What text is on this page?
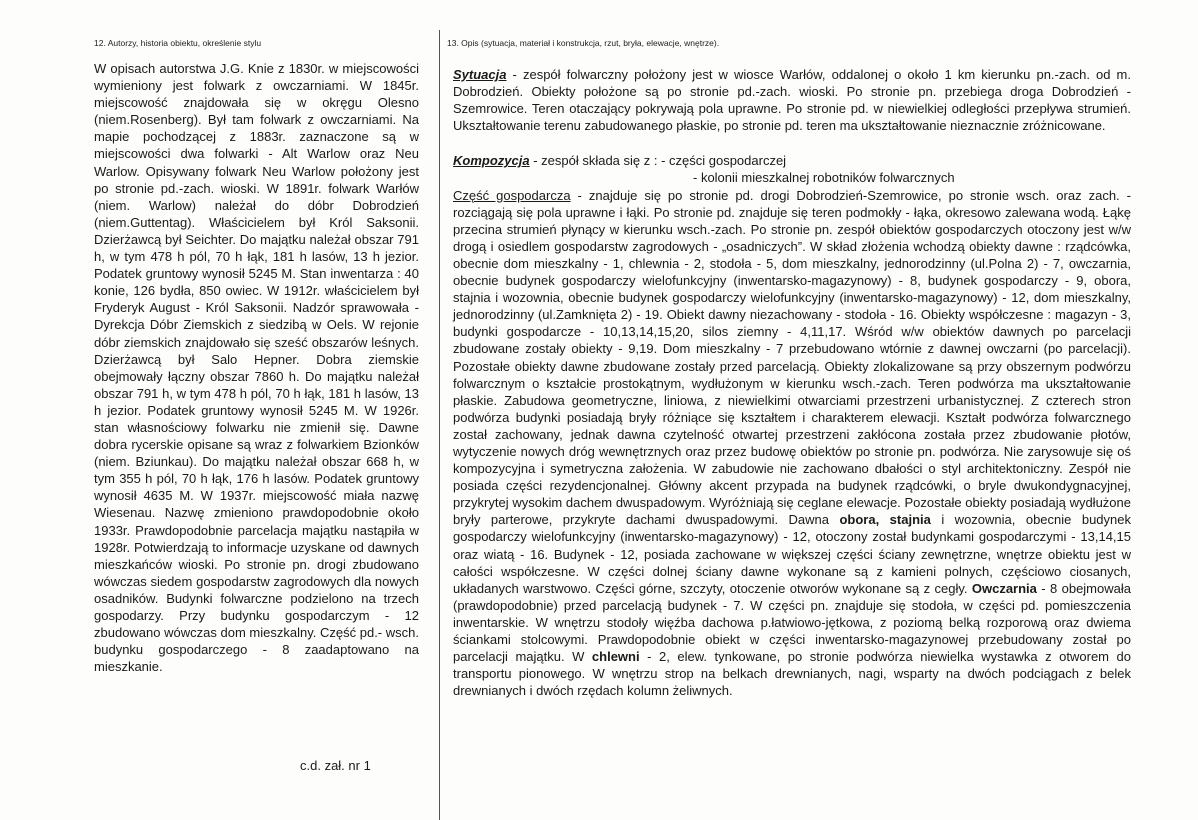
12. Autorzy, historia obiektu, określenie stylu	13. Opis (sytuacja, materiał i konstrukcja, rzut, bryła, elewacje, wnętrze).

W opisach autorstwa J.G. Knie z 1830r. w miejscowości wymieniony jest folwark z owczarniami. W 1845r. miejscowość znajdowała się w okręgu Olesno (niem.Rosenberg). Był tam folwark z owczarniami. Na mapie pochodzącej z 1883r. zaznaczone są w miejscowości dwa folwarki - Alt Warlow oraz Neu Warlow. Opisywany folwark Neu Warlow położony jest po stronie pd.-zach. wioski. W 1891r. folwark Warłów (niem. Warlow) należał do dóbr Dobrodzień (niem.Guttentag). Właścicielem był Król Saksonii. Dzierżawcą był Seichter. Do majątku należał obszar 791 h, w tym 478 h pól, 70 h łąk, 181 h lasów, 13 h jezior. Podatek gruntowy wynosił 5245 M. Stan inwentarza : 40 konie, 126 bydła, 850 owiec. W 1912r. właścicielem był Fryderyk August - Król Saksonii. Nadzór sprawowała - Dyrekcja Dóbr Ziemskich z siedzibą w Oels. W rejonie dóbr ziemskich znajdowało się sześć obszarów leśnych. Dzierżawcą był Salo Hepner. Dobra ziemskie obejmowały łączny obszar 7860 h. Do majątku należał obszar 791 h, w tym 478 h pól, 70 h łąk, 181 h lasów, 13 h jezior. Podatek gruntowy wynosił 5245 M. W 1926r. stan własnościowy folwarku nie zmienił się. Dawne dobra rycerskie opisane są wraz z folwarkiem Bzionków (niem. Bziunkau). Do majątku należał obszar 668 h, w tym 355 h pól, 70 h łąk, 176 h lasów. Podatek gruntowy wynosił 4635 M. W 1937r. miejscowość miała nazwę Wiesenau. Nazwę zmieniono prawdopodobnie około 1933r. Prawdopodobnie parcelacja majątku nastąpiła w 1928r. Potwierdzają to informacje uzyskane od dawnych mieszkańców wioski. Po stronie pn. drogi zbudowano wówczas siedem gospodarstw zagrodowych dla nowych osadników. Budynki folwarczne podzielono na trzech gospodarzy. Przy budynku gospodarczym - 12 zbudowano wówczas dom mieszkalny. Część pd.- wsch. budynku gospodarczego - 8 zaadaptowano na mieszkanie.

c.d. zał. nr 1

Sytuacja - zespół folwarczny położony jest w wiosce Warłów, oddalonej o około 1 km kierunku pn.-zach. od m. Dobrodzień. Obiekty położone są po stronie pd.-zach. wioski. Po stronie pn. przebiega droga Dobrodzień - Szemrowice. Teren otaczający pokrywają pola uprawne. Po stronie pd. w niewielkiej odległości przepływa strumień. Ukształtowanie terenu zabudowanego płaskie, po stronie pd. teren ma ukształtowanie nieznacznie zróżnicowane.

Kompozycja - zespół składa się z : - części gospodarczej

- kolonii mieszkalnej robotników folwarcznych

Część gospodarcza - znajduje się po stronie pd. drogi Dobrodzień-Szemrowice, po stronie wsch. oraz zach. - rozciągają się pola uprawne i łąki. Po stronie pd. znajduje się teren podmokły - łąka, okresowo zalewana wodą. Łąkę przecina strumień płynący w kierunku wsch.-zach. Po stronie pn. zespół obiektów gospodarczych otoczony jest w/w drogą i osiedlem gospodarstw zagrodowych - „osadniczych”. W skład złożenia wchodzą obiekty dawne : rządcówka, obecnie dom mieszkalny - 1, chlewnia - 2, stodoła - 5, dom mieszkalny, jednorodzinny (ul.Polna 2) - 7, owczarnia, obecnie budynek gospodarczy wielofunkcyjny (inwentarsko-magazynowy) - 8, budynek gospodarczy - 9, obora, stajnia i wozownia, obecnie budynek gospodarczy wielofunkcyjny (inwentarsko-magazynowy) - 12, dom mieszkalny, jednorodzinny (ul.Zamknięta 2) - 19. Obiekt dawny niezachowany - stodoła - 16. Obiekty współczesne : magazyn - 3, budynki gospodarcze - 10,13,14,15,20, silos ziemny - 4,11,17. Wśród w/w obiektów dawnych po parcelacji zbudowane zostały obiekty - 9,19. Dom mieszkalny - 7 przebudowano wtórnie z dawnej owczarni (po parcelacji). Pozostałe obiekty dawne zbudowane zostały przed parcelacją. Obiekty zlokalizowane są przy obszernym podwórzu folwarcznym o kształcie prostokątnym, wydłużonym w kierunku wsch.-zach. Teren podwórza ma ukształtowanie płaskie. Zabudowa geometryczne, liniowa, z niewielkimi otwarciami przestrzeni urbanistycznej. Z czterech stron podwórza budynki posiadają bryły różniące się kształtem i charakterem elewacji. Kształt podwórza folwarcznego został zachowany, jednak dawna czytelność otwartej przestrzeni zakłócona została przez zbudowanie płotów, wytyczenie nowych dróg wewnętrznych oraz przez budowę obiektów po stronie pn. podwórza. Nie zarysowuje się oś kompozycyjna i symetryczna założenia. W zabudowie nie zachowano dbałości o styl architektoniczny. Zespół nie posiada części rezydencjonalnej. Główny akcent przypada na budynek rządcówki, o bryle dwukondygnacyjnej, przykrytej wysokim dachem dwuspadowym. Wyróżniają się ceglane elewacje. Pozostałe obiekty posiadają wydłużone bryły parterowe, przykryte dachami dwuspadowymi. Dawna obora, stajnia i wozownia, obecnie budynek gospodarczy wielofunkcyjny (inwentarsko-magazynowy) - 12, otoczony został budynkami gospodarczymi - 13,14,15 oraz wiatą - 16. Budynek - 12, posiada zachowane w większej części ściany zewnętrzne, wnętrze obiektu jest w całości współczesne. W części dolnej ściany dawne wykonane są z kamieni polnych, częściowo ciosanych, układanych warstwowo. Części górne, szczyty, otoczenie otworów wykonane są z cegły. Owczarnia - 8 obejmowała (prawdopodobnie) przed parcelacją budynek - 7. W części pn. znajduje się stodoła, w części pd. pomieszczenia inwentarskie. W wnętrzu stodoły więźba dachowa p.łatwiowo-jętkowa, z poziomą belką rozporową oraz dwiema ściankami stolcowymi. Prawdopodobnie obiekt w części inwentarsko-magazynowej przebudowany został po parcelacji majątku. W chlewni - 2, elew. tynkowane, po stronie podwórza niewielka wystawka z otworem do transportu pionowego. W wnętrzu strop na belkach drewnianych, nagi, wsparty na dwóch podciągach z belek drewnianych i dwóch rzędach kolumn żeliwnych.
